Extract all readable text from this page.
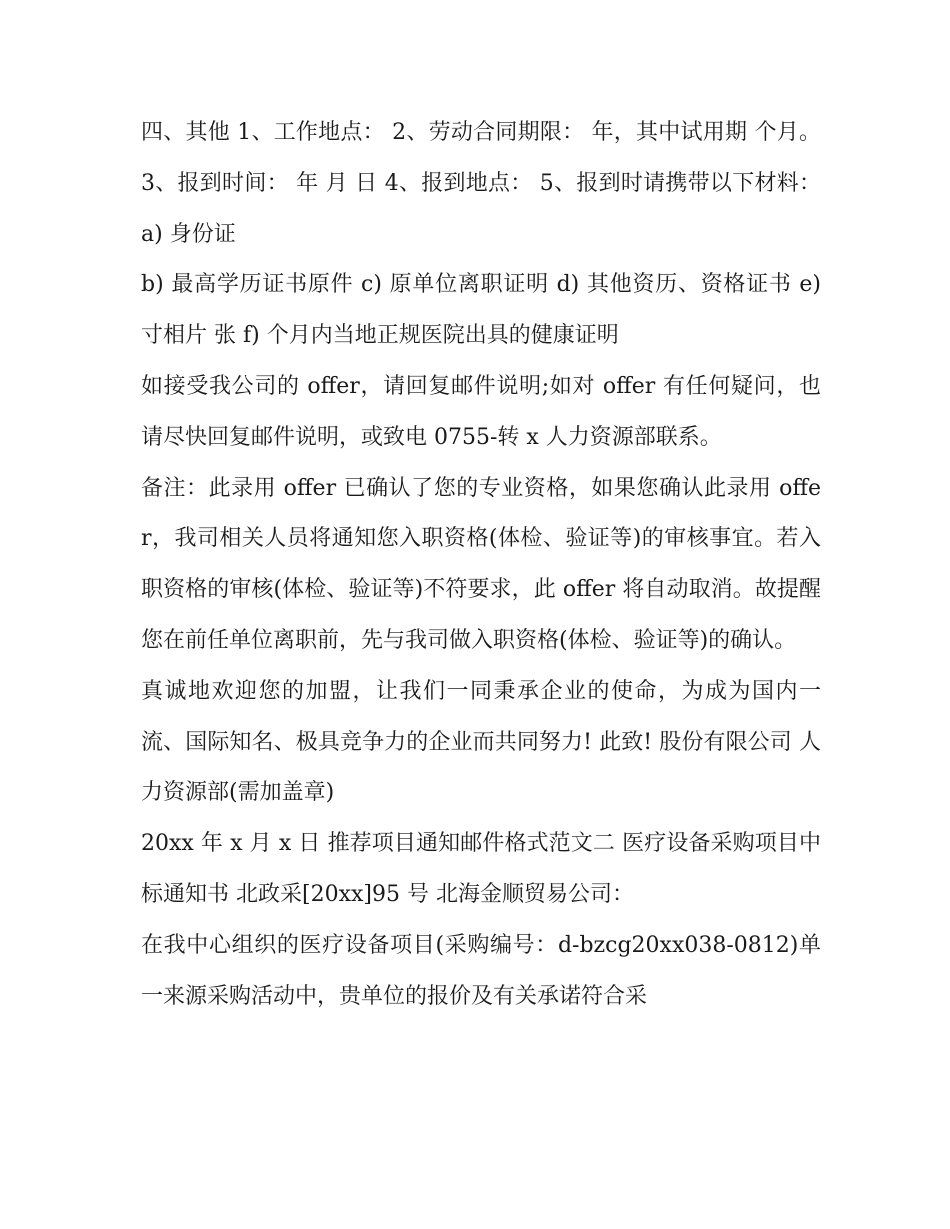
四、其他 1、工作地点： 2、劳动合同期限： 年，其中试用期 个月。 3、报到时间： 年 月 日 4、报到地点： 5、报到时请携带以下材料： a) 身份证

b) 最高学历证书原件 c) 原单位离职证明 d) 其他资历、资格证书 e) 寸相片 张 f) 个月内当地正规医院出具的健康证明

如接受我公司的 offer，请回复邮件说明;如对 offer 有任何疑问，也请尽快回复邮件说明，或致电 0755-转 x 人力资源部联系。

备注：此录用 offer 已确认了您的专业资格，如果您确认此录用 offer，我司相关人员将通知您入职资格(体检、验证等)的审核事宜。若入职资格的审核(体检、验证等)不符要求，此 offer 将自动取消。故提醒您在前任单位离职前，先与我司做入职资格(体检、验证等)的确认。

真诚地欢迎您的加盟，让我们一同秉承企业的使命，为成为国内一流、国际知名、极具竞争力的企业而共同努力! 此致! 股份有限公司 人力资源部(需加盖章)

20xx 年 x 月 x 日 推荐项目通知邮件格式范文二 医疗设备采购项目中标通知书 北政采[20xx]95 号 北海金顺贸易公司：

在我中心组织的医疗设备项目(采购编号：d-bzcg20xx038-0812)单一来源采购活动中，贵单位的报价及有关承诺符合采
